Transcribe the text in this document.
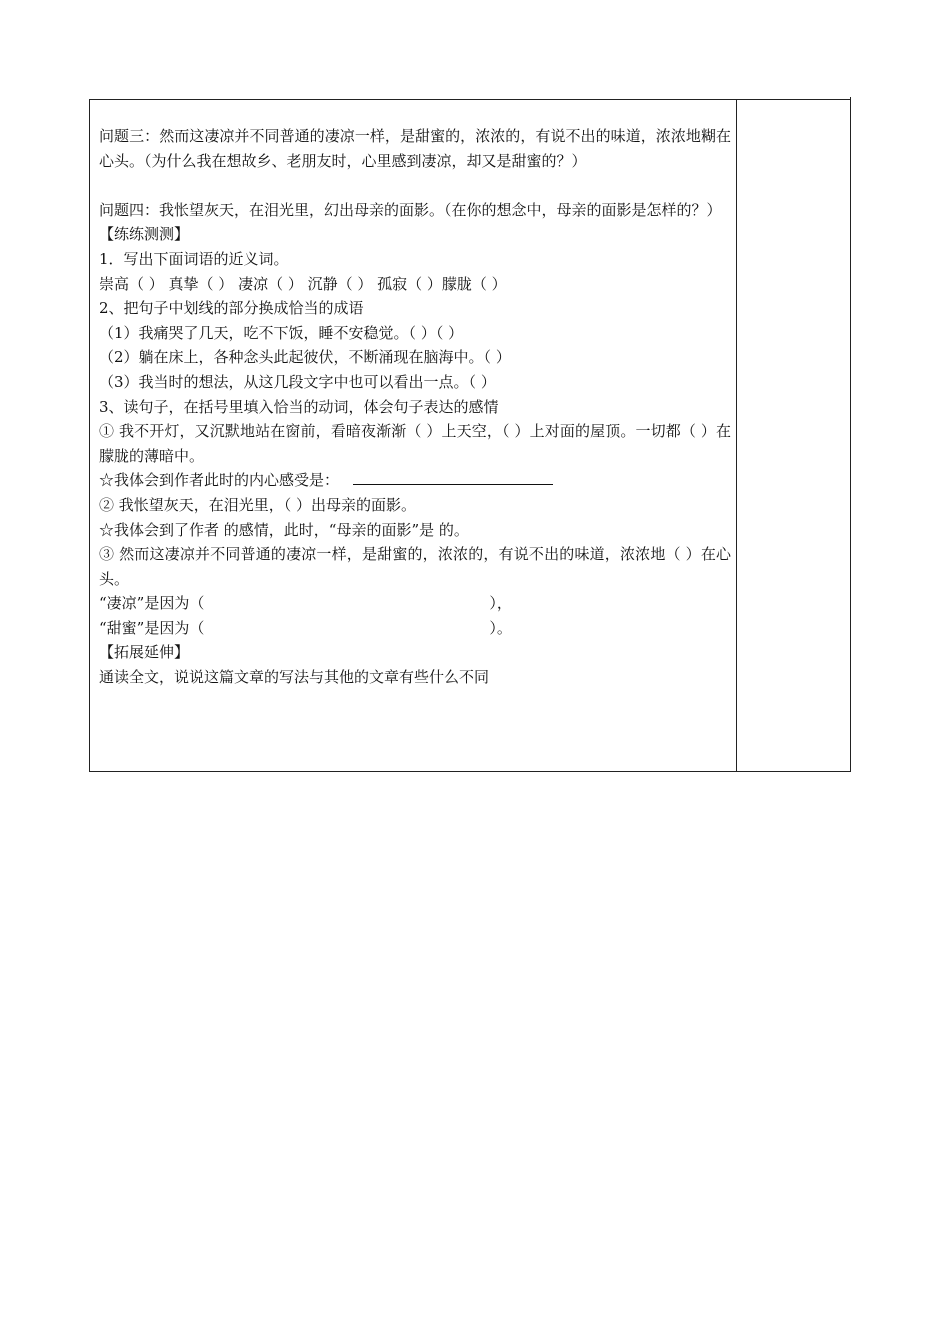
问题三：然而这凄凉并不同普通的凄凉一样，是甜蜜的，浓浓的，有说不出的味道，浓浓地糊在心头。（为什么我在想故乡、老朋友时，心里感到凄凉，却又是甜蜜的？）

问题四：我怅望灰天，在泪光里，幻出母亲的面影。（在你的想念中，母亲的面影是怎样的？）

【练练测测】

1．写出下面词语的近义词。

崇高（ ） 真挚（ ） 凄凉（ ） 沉静（ ） 孤寂（ ）朦胧（ ）

2、把句子中划线的部分换成恰当的成语

（1）我痛哭了几天，吃不下饭，睡不安稳觉。（ ）（ ）

（2）躺在床上，各种念头此起彼伏，不断涌现在脑海中。（ ）

（3）我当时的想法，从这几段文字中也可以看出一点。（ ）

3、读句子，在括号里填入恰当的动词，体会句子表达的感情

① 我不开灯，又沉默地站在窗前，看暗夜渐渐（ ）上天空，（ ）上对面的屋顶。一切都（ ）在朦胧的薄暗中。

☆我体会到作者此时的内心感受是：

② 我怅望灰天，在泪光里，（ ）出母亲的面影。

☆我体会到了作者 的感情，此时，“母亲的面影”是 的。

③ 然而这凄凉并不同普通的凄凉一样，是甜蜜的，浓浓的，有说不出的味道，浓浓地（ ）在心头。

“凄凉”是因为（　　　　　　　　　　　　　　　　　　　），

“甜蜜”是因为（　　　　　　　　　　　　　　　　　　　）。

【拓展延伸】

通读全文，说说这篇文章的写法与其他的文章有些什么不同
